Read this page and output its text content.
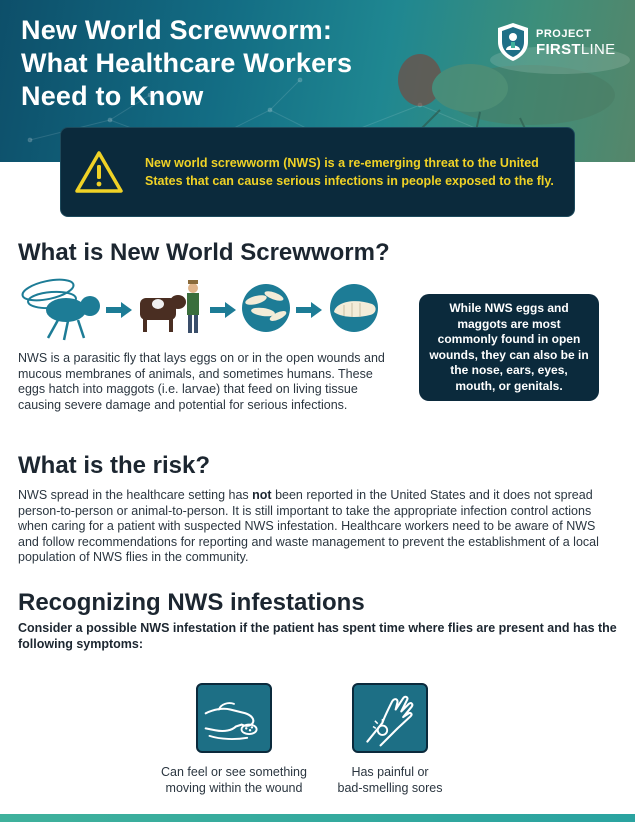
New World Screwworm:
What Healthcare Workers
Need to Know
PROJECT
FIRSTLINE
New world screwworm (NWS) is a re-emerging threat to the United States that can cause serious infections in people exposed to the fly.
What is New World Screwworm?
NWS is a parasitic fly that lays eggs on or in the open wounds and mucous membranes of animals, and sometimes humans. These eggs hatch into maggots (i.e. larvae) that feed on living tissue causing severe damage and potential for serious infections.
While NWS eggs and maggots are most commonly found in open wounds, they can also be in the nose, ears, eyes, mouth, or genitals.
What is the risk?
NWS spread in the healthcare setting has not been reported in the United States and it does not spread person-to-person or animal-to-person. It is still important to take the appropriate infection control actions when caring for a patient with suspected NWS infestation. Healthcare workers need to be aware of NWS and follow recommendations for reporting and waste management to prevent the establishment of a local population of NWS flies in the community.
Recognizing NWS infestations
Consider a possible NWS infestation if the patient has spent time where flies are present and has the following symptoms:
Can feel or see something
moving within the wound
Has painful or
bad-smelling sores
